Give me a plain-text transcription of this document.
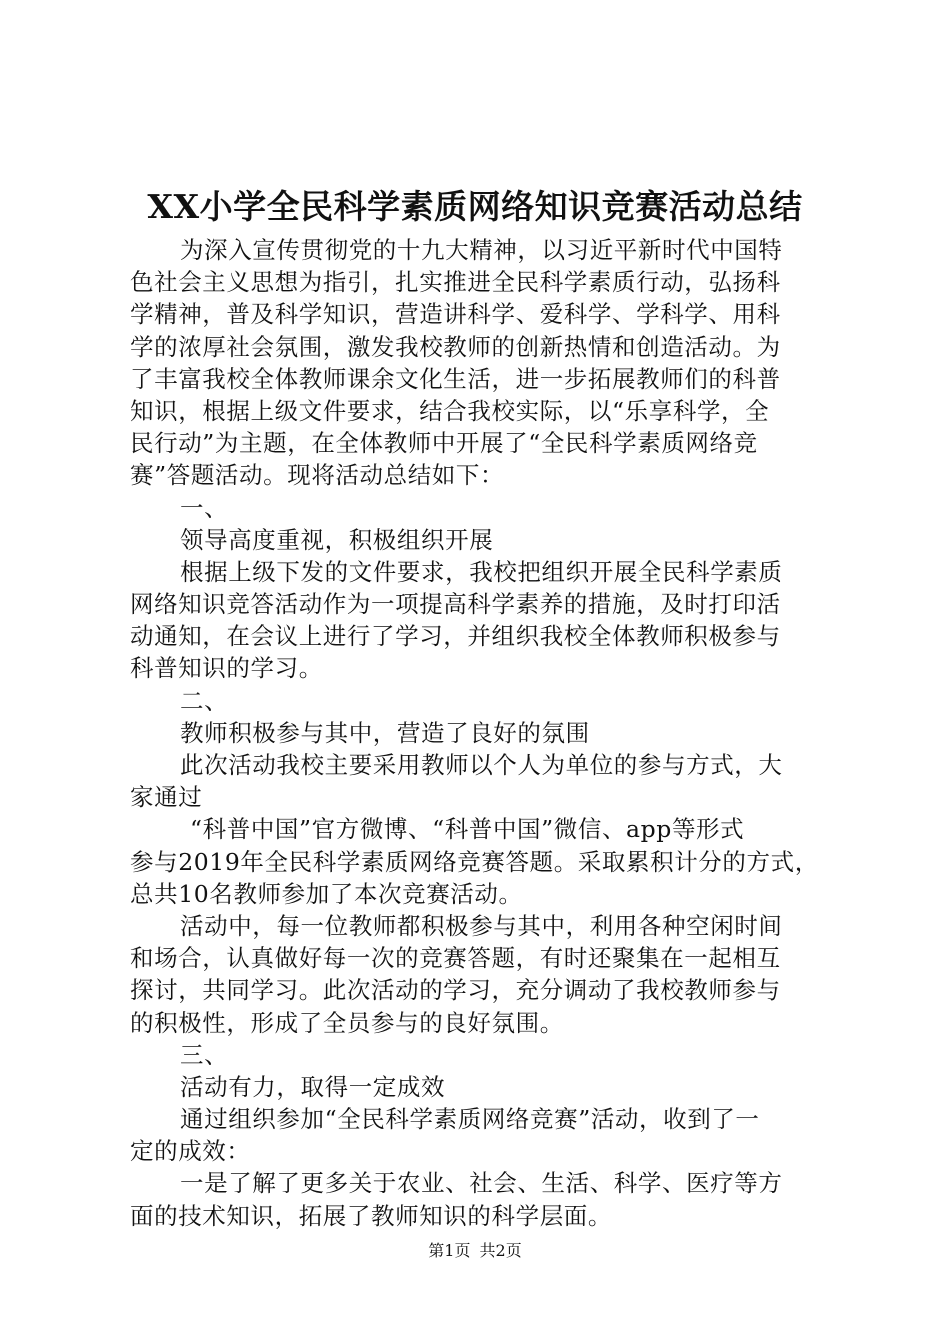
XX小学全民科学素质网络知识竞赛活动总结
为深入宣传贯彻党的十九大精神，以习近平新时代中国特
色社会主义思想为指引，扎实推进全民科学素质行动，弘扬科
学精神，普及科学知识，营造讲科学、爱科学、学科学、用科
学的浓厚社会氛围，激发我校教师的创新热情和创造活动。为
了丰富我校全体教师课余文化生活，进一步拓展教师们的科普
知识，根据上级文件要求，结合我校实际，以“乐享科学，全
民行动”为主题，在全体教师中开展了“全民科学素质网络竞
赛”答题活动。现将活动总结如下：
一、
领导高度重视，积极组织开展
根据上级下发的文件要求，我校把组织开展全民科学素质
网络知识竞答活动作为一项提高科学素养的措施，及时打印活
动通知，在会议上进行了学习，并组织我校全体教师积极参与
科普知识的学习。
二、
教师积极参与其中，营造了良好的氛围
此次活动我校主要采用教师以个人为单位的参与方式，大
家通过
“科普中国”官方微博、“科普中国”微信、app等形式
参与2019年全民科学素质网络竞赛答题。采取累积计分的方式，
总共10名教师参加了本次竞赛活动。
活动中，每一位教师都积极参与其中，利用各种空闲时间
和场合，认真做好每一次的竞赛答题，有时还聚集在一起相互
探讨，共同学习。此次活动的学习，充分调动了我校教师参与
的积极性，形成了全员参与的良好氛围。
三、
活动有力，取得一定成效
通过组织参加“全民科学素质网络竞赛”活动，收到了一
定的成效：
一是了解了更多关于农业、社会、生活、科学、医疗等方
面的技术知识，拓展了教师知识的科学层面。
第1页 共2页
